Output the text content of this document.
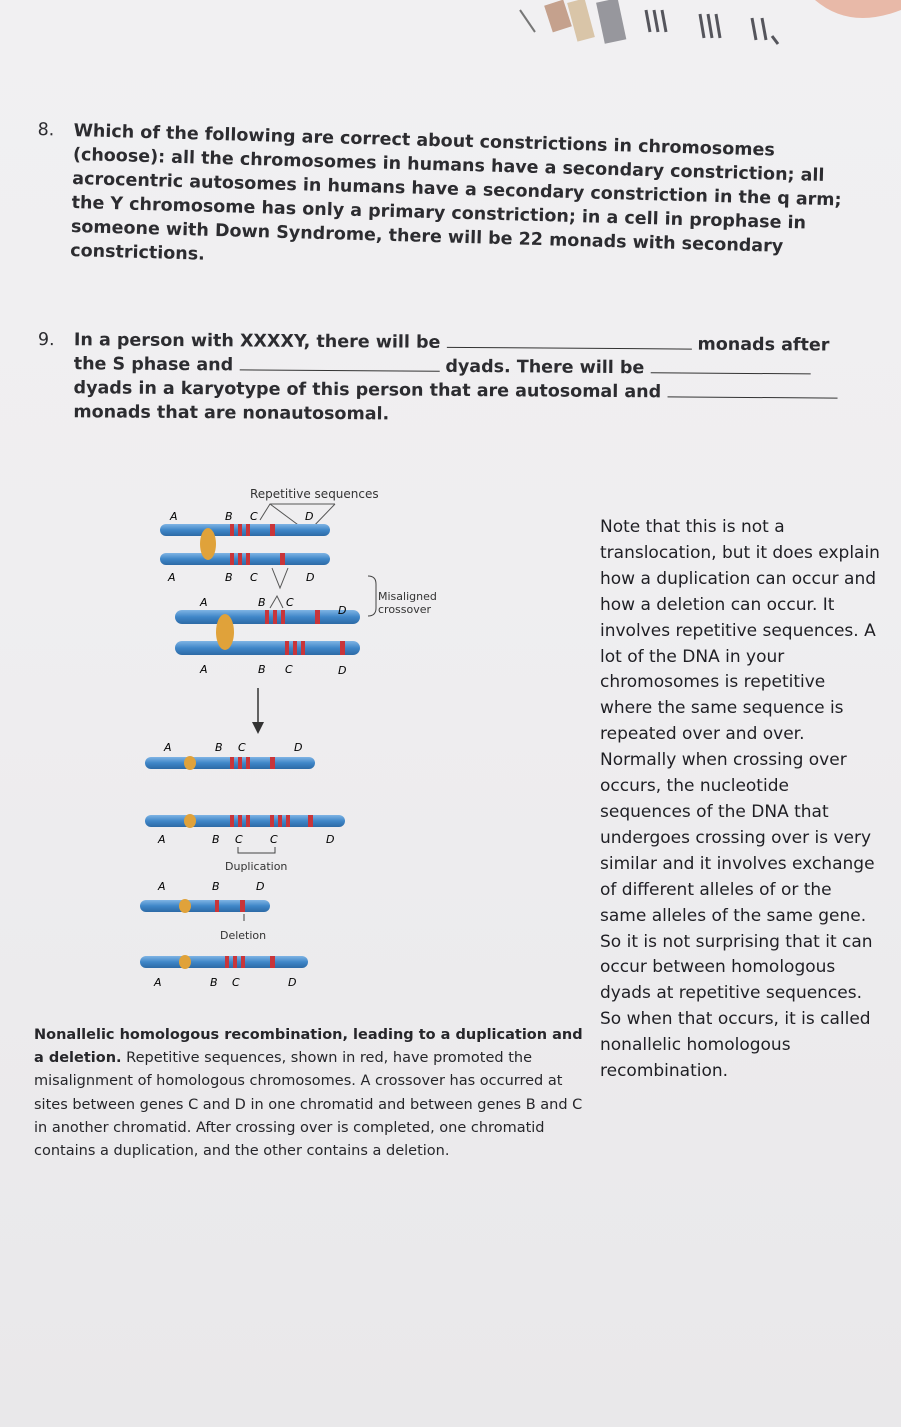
8. Which of the following are correct about constrictions in chromosomes (choose): all the chromosomes in humans have a secondary constriction; all acrocentric autosomes in humans have a secondary constriction in the q arm; the Y chromosome has only a primary constriction; in a cell in prophase in someone with Down Syndrome, there will be 22 monads with secondary constrictions.
9. In a person with XXXXY, there will be	monads after the S phase and	dyads. There will be  dyads in a karyotype of this person that are autosomal and  monads that are nonautosomal.
Repetitive sequences
A	B C	D
A	B C	D
A	B C
D
A	B C	D
Misaligned crossover
A	B C	D
A	B C C	D
Duplication
A	B	D
Deletion
A	B C	D
Note that this is not a translocation, but it does explain how a duplication can occur and how a deletion can occur. It involves repetitive sequences. A lot of the DNA in your chromosomes is repetitive where the same sequence is repeated over and over. Normally when crossing over occurs, the nucleotide sequences of the DNA that undergoes crossing over is very similar and it involves exchange of different alleles of or the same alleles of the same gene. So it is not surprising that it can occur between homologous dyads at repetitive sequences. So when that occurs, it is called nonallelic homologous recombination.
Nonallelic homologous recombination, leading to a duplication and a deletion. Repetitive sequences, shown in red, have promoted the misalignment of homologous chromosomes. A crossover has occurred at sites between genes C and D in one chromatid and between genes B and C in another chromatid. After crossing over is completed, one chromatid contains a duplication, and the other contains a deletion.
